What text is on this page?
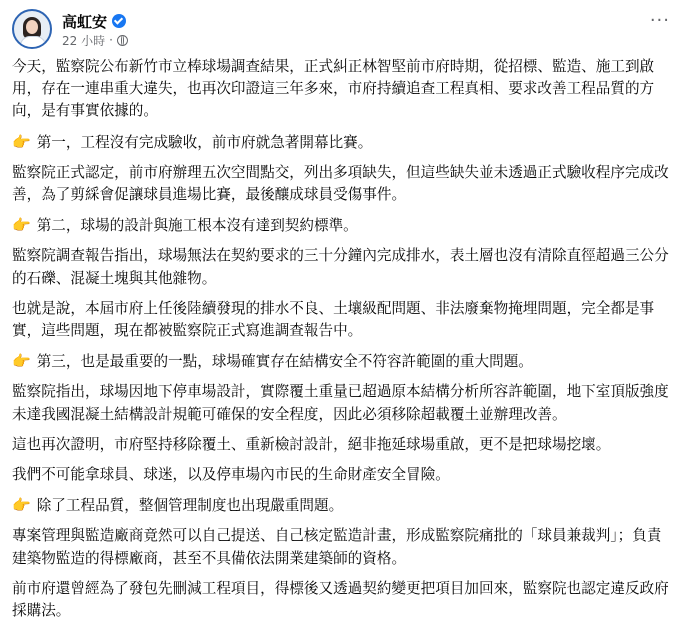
高虹安
22 小時 ·
···
今天，監察院公布新竹市立棒球場調查結果，正式糾正林智堅前市府時期，從招標、監造、施工到啟用，存在一連串重大違失，也再次印證這三年多來，市府持續追查工程真相、要求改善工程品質的方向，是有事實依據的。
👉 第一，工程沒有完成驗收，前市府就急著開幕比賽。
監察院正式認定，前市府辦理五次空間點交，列出多項缺失，但這些缺失並未透過正式驗收程序完成改善，為了剪綵會促讓球員進場比賽，最後釀成球員受傷事件。
👉 第二，球場的設計與施工根本沒有達到契約標準。
監察院調查報告指出，球場無法在契約要求的三十分鐘內完成排水，表土層也沒有清除直徑超過三公分的石礫、混凝土塊與其他雜物。
也就是說，本屆市府上任後陸續發現的排水不良、土壤級配問題、非法廢棄物掩埋問題，完全都是事實，這些問題，現在都被監察院正式寫進調查報告中。
👉 第三，也是最重要的一點，球場確實存在結構安全不符容許範圍的重大問題。
監察院指出，球場因地下停車場設計，實際覆土重量已超過原本結構分析所容許範圍，地下室頂版強度未達我國混凝土結構設計規範可確保的安全程度，因此必須移除超載覆土並辦理改善。
這也再次證明，市府堅持移除覆土、重新檢討設計，絕非拖延球場重啟，更不是把球場挖壞。
我們不可能拿球員、球迷，以及停車場內市民的生命財產安全冒險。
👉 除了工程品質，整個管理制度也出現嚴重問題。
專案管理與監造廠商竟然可以自己提送、自己核定監造計畫，形成監察院痛批的「球員兼裁判」；負責建築物監造的得標廠商，甚至不具備依法開業建築師的資格。
前市府還曾經為了發包先刪減工程項目，得標後又透過契約變更把項目加回來，監察院也認定違反政府採購法。
